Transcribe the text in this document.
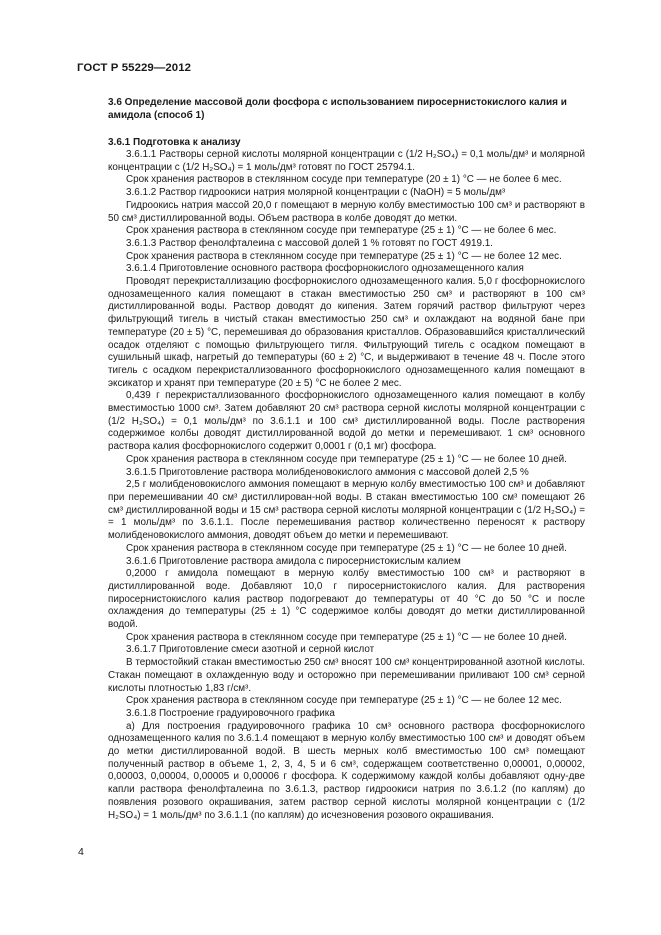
ГОСТ Р 55229—2012
3.6 Определение массовой доли фосфора с использованием пиросернистокислого калия и амидола (способ 1)
3.6.1 Подготовка к анализу
3.6.1.1 Растворы серной кислоты молярной концентрации c (1/2 H₂SO₄) = 0,1 моль/дм³ и молярной концентрации c (1/2 H₂SO₄) = 1 моль/дм³ готовят по ГОСТ 25794.1.
Срок хранения растворов в стеклянном сосуде при температуре (20 ± 1) °С — не более 6 мес.
3.6.1.2 Раствор гидроокиси натрия молярной концентрации c (NaOH) = 5 моль/дм³
Гидроокись натрия массой 20,0 г помещают в мерную колбу вместимостью 100 см³ и растворяют в 50 см³ дистиллированной воды. Объем раствора в колбе доводят до метки.
Срок хранения раствора в стеклянном сосуде при температуре (25 ± 1) °С — не более 6 мес.
3.6.1.3 Раствор фенолфталеина с массовой долей 1 % готовят по ГОСТ 4919.1.
Срок хранения раствора в стеклянном сосуде при температуре (25 ± 1) °С — не более 12 мес.
3.6.1.4 Приготовление основного раствора фосфорнокислого однозамещенного калия
Проводят перекристаллизацию фосфорнокислого однозамещенного калия. 5,0 г фосфорнокислого однозамещенного калия помещают в стакан вместимостью 250 см³ и растворяют в 100 см³ дистиллированной воды. Раствор доводят до кипения. Затем горячий раствор фильтруют через фильтрующий тигель в чистый стакан вместимостью 250 см³ и охлаждают на водяной бане при температуре (20 ± 5) °С, перемешивая до образования кристаллов. Образовавшийся кристаллический осадок отделяют с помощью фильтрующего тигля. Фильтрующий тигель с осадком помещают в сушильный шкаф, нагретый до температуры (60 ± 2) °С, и выдерживают в течение 48 ч. После этого тигель с осадком перекристаллизованного фосфорнокислого однозамещенного калия помещают в эксикатор и хранят при температуре (20 ± 5) °С не более 2 мес.
0,439 г перекристаллизованного фосфорнокислого однозамещенного калия помещают в колбу вместимостью 1000 см³. Затем добавляют 20 см³ раствора серной кислоты молярной концентрации c (1/2 H₂SO₄) = 0,1 моль/дм³ по 3.6.1.1 и 100 см³ дистиллированной воды. После растворения содержимое колбы доводят дистиллированной водой до метки и перемешивают. 1 см³ основного раствора калия фосфорнокислого содержит 0,0001 г (0,1 мг) фосфора.
Срок хранения раствора в стеклянном сосуде при температуре (25 ± 1) °С — не более 10 дней.
3.6.1.5 Приготовление раствора молибденовокислого аммония с массовой долей 2,5 %
2,5 г молибденовокислого аммония помещают в мерную колбу вместимостью 100 см³ и добавляют при перемешивании 40 см³ дистиллирован-ной воды. В стакан вместимостью 100 см³ помещают 26 см³ дистиллированной воды и 15 см³ раствора серной кислоты молярной концентрации c (1/2 H₂SO₄) = = 1 моль/дм³ по 3.6.1.1. После перемешивания раствор количественно переносят к раствору молибденовокислого аммония, доводят объем до метки и перемешивают.
Срок хранения раствора в стеклянном сосуде при температуре (25 ± 1) °С — не более 10 дней.
3.6.1.6 Приготовление раствора амидола с пиросернистокислым калием
0,2000 г амидола помещают в мерную колбу вместимостью 100 см³ и растворяют в дистиллированной воде. Добавляют 10,0 г пиросернистокислого калия. Для растворения пиросернистокислого калия раствор подогревают до температуры от 40 °С до 50 °С и после охлаждения до температуры (25 ± 1) °С содержимое колбы доводят до метки дистиллированной водой.
Срок хранения раствора в стеклянном сосуде при температуре (25 ± 1) °С — не более 10 дней.
3.6.1.7 Приготовление смеси азотной и серной кислот
В термостойкий стакан вместимостью 250 см³ вносят 100 см³ концентрированной азотной кислоты. Стакан помещают в охлажденную воду и осторожно при перемешивании приливают 100 см³ серной кислоты плотностью 1,83 г/см³.
Срок хранения раствора в стеклянном сосуде при температуре (25 ± 1) °С — не более 12 мес.
3.6.1.8 Построение градуировочного графика
а) Для построения градуировочного графика 10 см³ основного раствора фосфорнокислого однозамещенного калия по 3.6.1.4 помещают в мерную колбу вместимостью 100 см³ и доводят объем до метки дистиллированной водой. В шесть мерных колб вместимостью 100 см³ помещают полученный раствор в объеме 1, 2, 3, 4, 5 и 6 см³, содержащем соответственно 0,00001, 0,00002, 0,00003, 0,00004, 0,00005 и 0,00006 г фосфора. К содержимому каждой колбы добавляют одну-две капли раствора фенолфталеина по 3.6.1.3, раствор гидроокиси натрия по 3.6.1.2 (по каплям) до появления розового окрашивания, затем раствор серной кислоты молярной концентрации c (1/2 H₂SO₄) = 1 моль/дм³ по 3.6.1.1 (по каплям) до исчезновения розового окрашивания.
4
